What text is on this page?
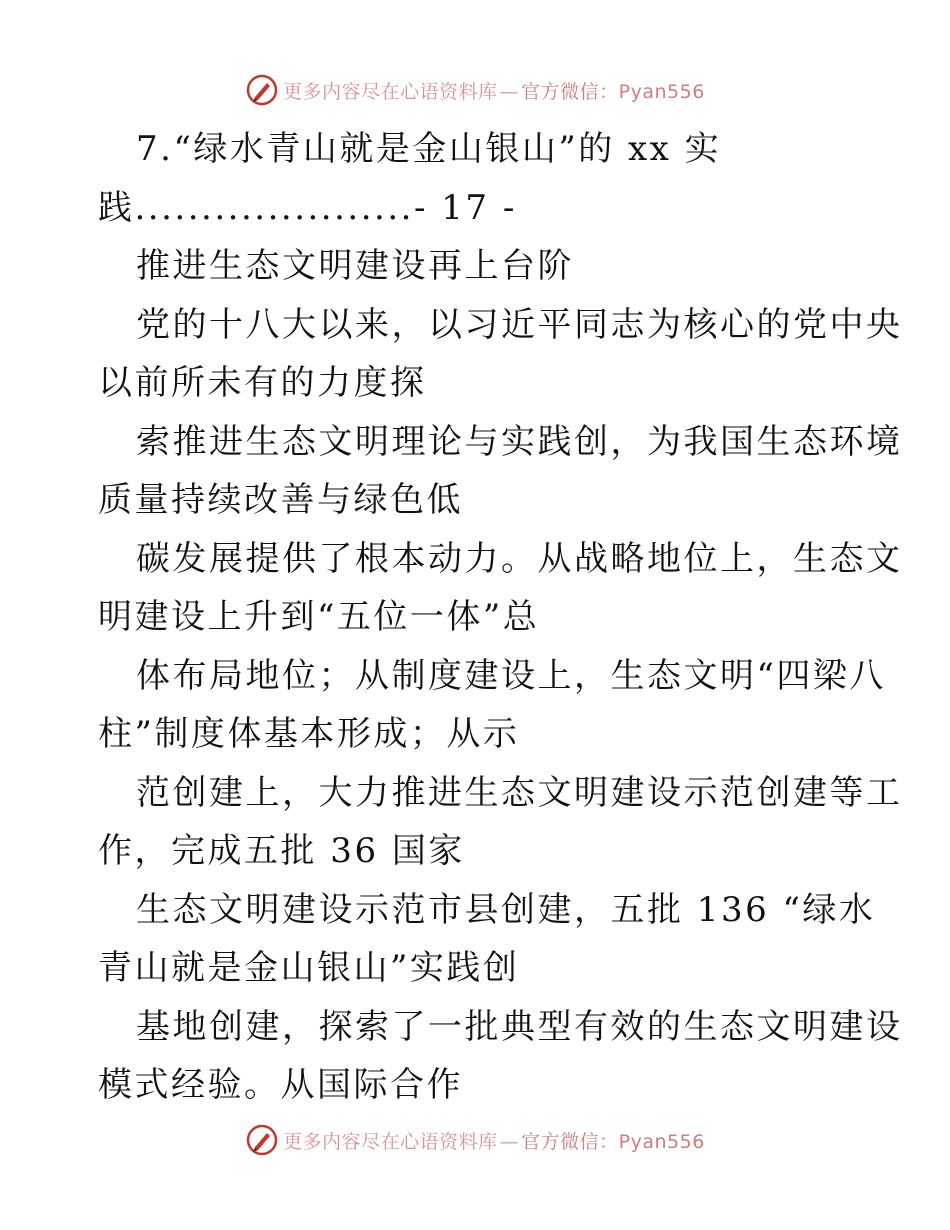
更多内容尽在心语资料库 — 官方微信：Pyan556
7.“绿水青山就是金山银山”的 xx 实
践.....................- 17 -
推进生态文明建设再上台阶
党的十八大以来，以习近平同志为核心的党中央
以前所未有的力度探
索推进生态文明理论与实践创，为我国生态环境
质量持续改善与绿色低
碳发展提供了根本动力。从战略地位上，生态文
明建设上升到“五位一体”总
体布局地位；从制度建设上，生态文明“四梁八
柱”制度体基本形成；从示
范创建上，大力推进生态文明建设示范创建等工
作，完成五批 36 国家
生态文明建设示范市县创建，五批 136 “绿水
青山就是金山银山”实践创
基地创建，探索了一批典型有效的生态文明建设
模式经验。从国际合作
更多内容尽在心语资料库 — 官方微信：Pyan556
